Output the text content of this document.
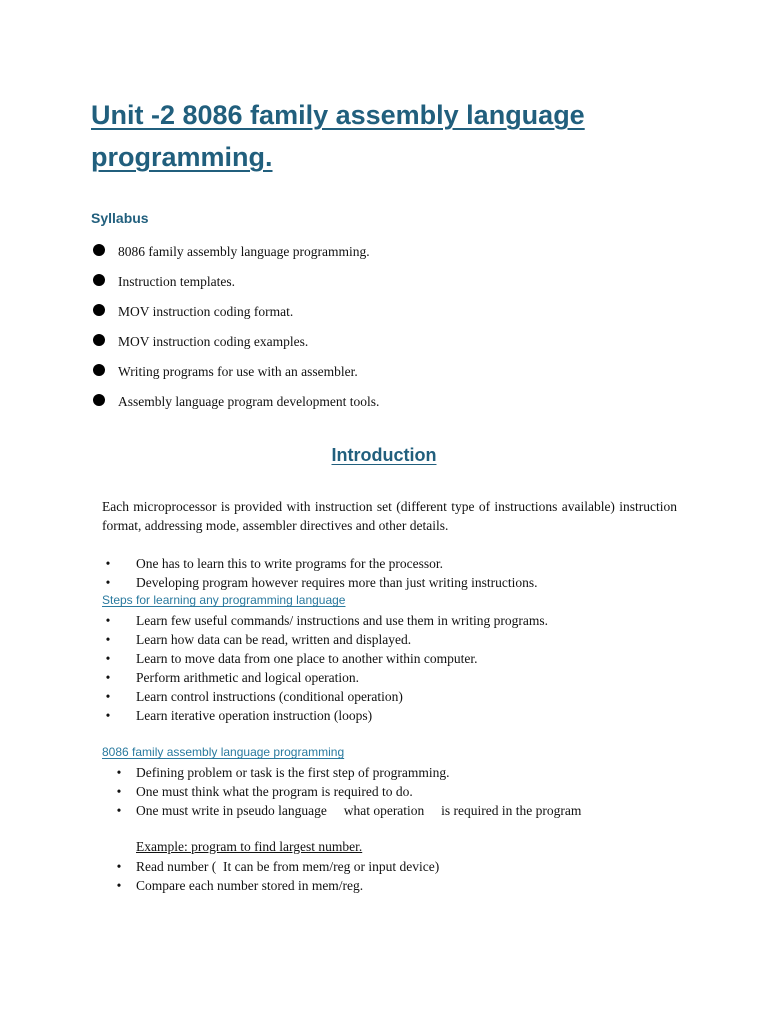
Unit -2 8086 family assembly language programming.
Syllabus
8086 family assembly language programming.
Instruction templates.
MOV instruction coding format.
MOV instruction coding examples.
Writing programs for use with an assembler.
Assembly language program development tools.
Introduction

Each microprocessor is provided with instruction set (different type of instructions available) instruction format, addressing mode, assembler directives and other details.

• One has to learn this to write programs for the processor.
• Developing program however requires more than just writing instructions.

Steps for learning any programming language

• Learn few useful commands/ instructions and use them in writing programs.
• Learn how data can be read, written and displayed.
• Learn to move data from one place to another within computer.
• Perform arithmetic and logical operation.
• Learn control instructions (conditional operation)
• Learn iterative operation instruction (loops)

8086 family assembly language programming

• Defining problem or task is the first step of programming.
• One must think what the program is required to do.
• One must write in pseudo language     what operation     is required in the program

Example: program to find largest number.

• Read number (  It can be from mem/reg or input device)
• Compare each number stored in mem/reg.
